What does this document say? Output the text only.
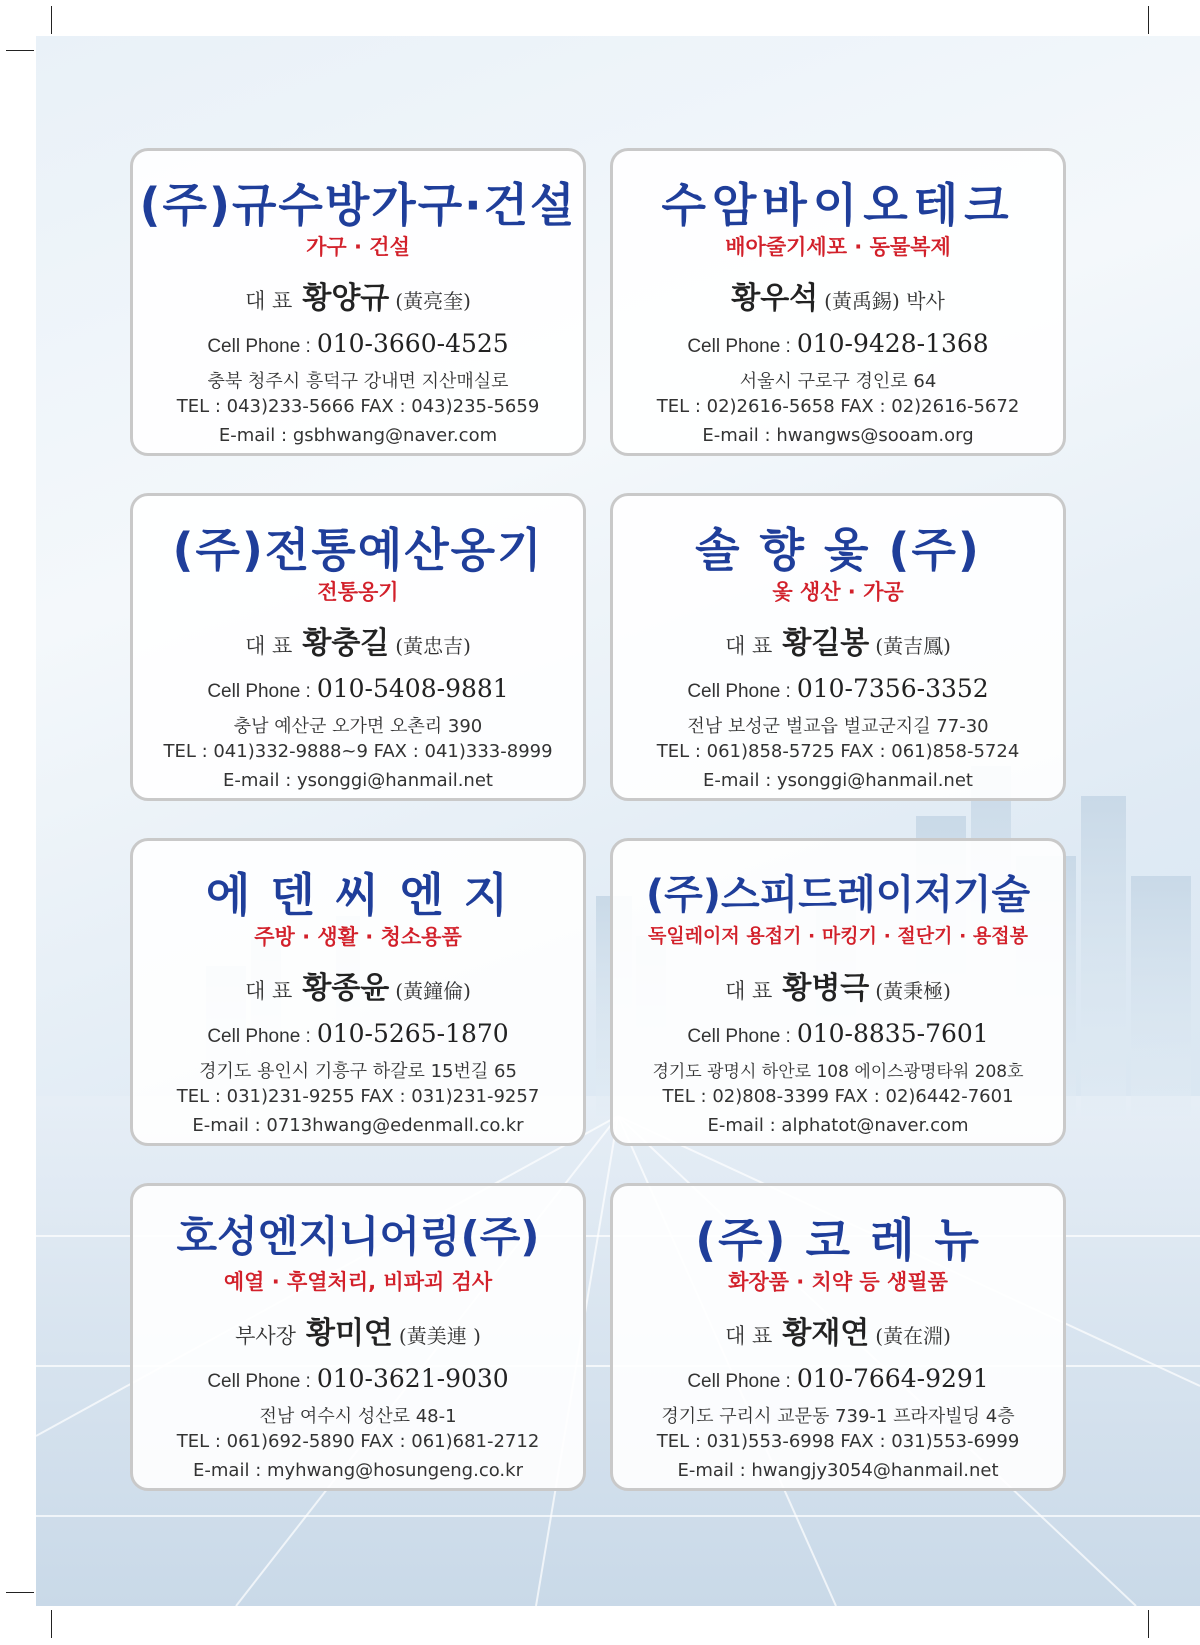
(주)규수방가구·건설
가구 · 건설
대 표 황양규 (黃亮奎)
Cell Phone : 010-3660-4525
충북 청주시 흥덕구 강내면 지산매실로
TEL : 043)233-5666 FAX : 043)235-5659
E-mail : gsbhwang@naver.com
수암바이오테크
배아줄기세포 · 동물복제
황우석 (黃禹錫) 박사
Cell Phone : 010-9428-1368
서울시 구로구 경인로 64
TEL : 02)2616-5658 FAX : 02)2616-5672
E-mail : hwangws@sooam.org
(주)전통예산옹기
전통옹기
대 표 황충길 (黃忠吉)
Cell Phone : 010-5408-9881
충남 예산군 오가면 오촌리 390
TEL : 041)332-9888~9 FAX : 041)333-8999
E-mail : ysonggi@hanmail.net
솔 향 옻 (주)
옻 생산 · 가공
대 표 황길봉 (黃吉鳳)
Cell Phone : 010-7356-3352
전남 보성군 벌교읍 벌교군지길 77-30
TEL : 061)858-5725 FAX : 061)858-5724
E-mail : ysonggi@hanmail.net
에 덴 씨 엔 지
주방 · 생활 · 청소용품
대 표 황종윤 (黃鐘倫)
Cell Phone : 010-5265-1870
경기도 용인시 기흥구 하갈로 15번길 65
TEL : 031)231-9255 FAX : 031)231-9257
E-mail : 0713hwang@edenmall.co.kr
(주)스피드레이저기술
독일레이저 용접기 · 마킹기 · 절단기 · 용접봉
대 표 황병극 (黃秉極)
Cell Phone : 010-8835-7601
경기도 광명시 하안로 108 에이스광명타워 208호
TEL : 02)808-3399 FAX : 02)6442-7601
E-mail : alphatot@naver.com
호성엔지니어링(주)
예열 · 후열처리, 비파괴 검사
부사장 황미연 (黃美連 )
Cell Phone : 010-3621-9030
전남 여수시 성산로 48-1
TEL : 061)692-5890 FAX : 061)681-2712
E-mail : myhwang@hosungeng.co.kr
(주) 코 레 뉴
화장품 · 치약 등 생필품
대 표 황재연 (黃在淵)
Cell Phone : 010-7664-9291
경기도 구리시 교문동 739-1 프라자빌딩 4층
TEL : 031)553-6998 FAX : 031)553-6999
E-mail : hwangjy3054@hanmail.net
